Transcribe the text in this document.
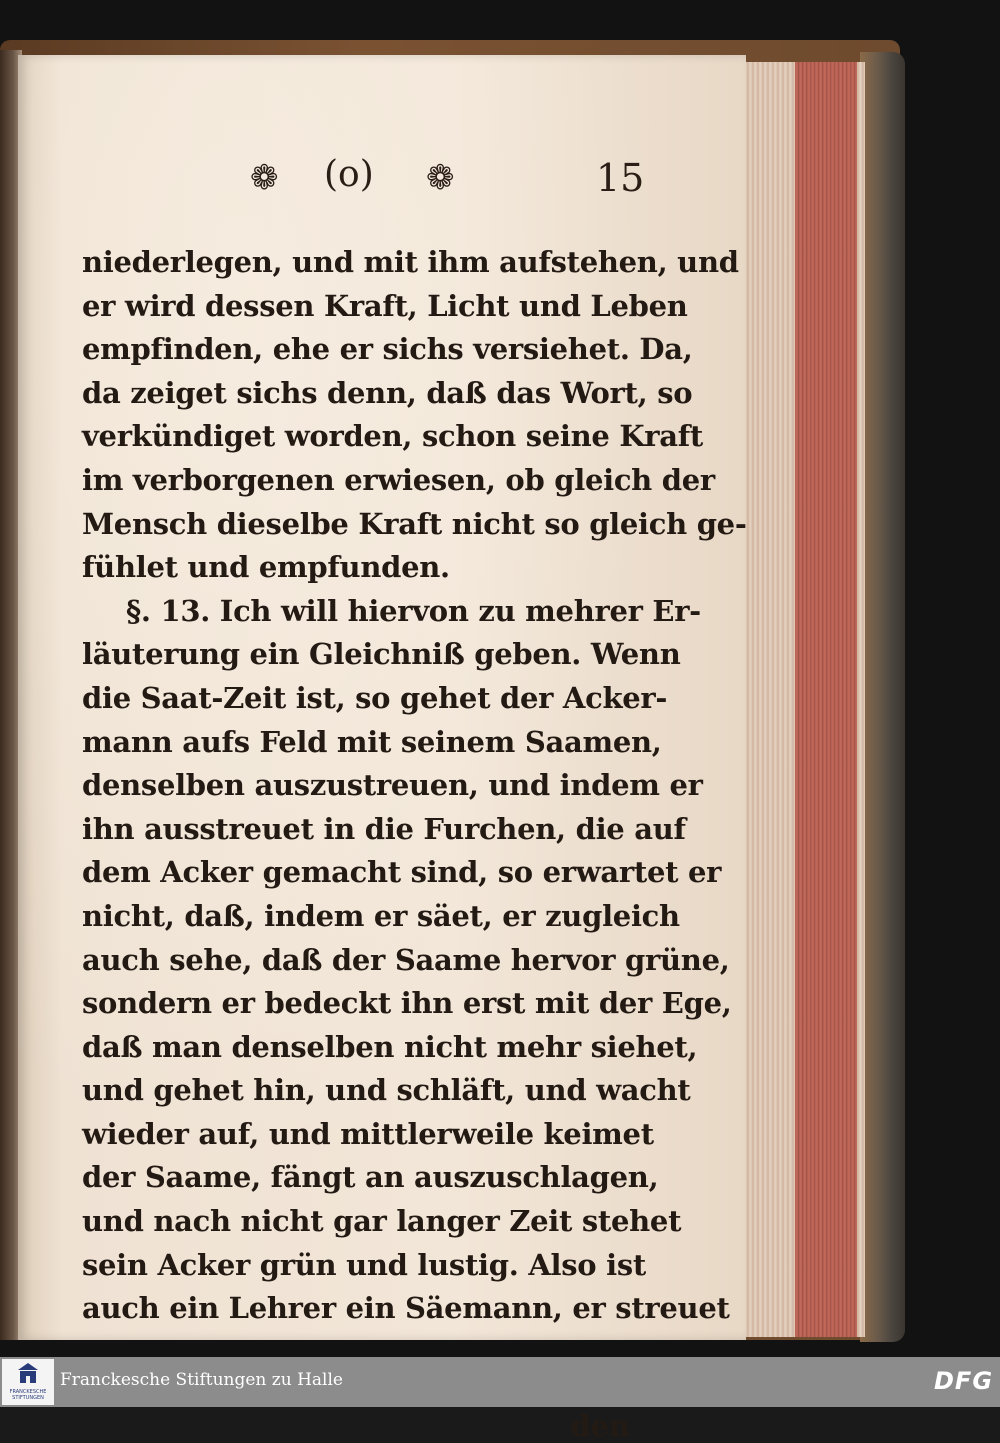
❁ (o) ❁	15
niederlegen, und mit ihm aufstehen, und
er wird dessen Kraft, Licht und Leben
empfinden, ehe er sichs versiehet. Da,
da zeiget sichs denn, daß das Wort, so
verkündiget worden, schon seine Kraft
im verborgenen erwiesen, ob gleich der
Mensch dieselbe Kraft nicht so gleich ge-
fühlet und empfunden.
§. 13. Ich will hiervon zu mehrer Er-
läuterung ein Gleichniß geben. Wenn
die Saat-Zeit ist, so gehet der Acker-
mann aufs Feld mit seinem Saamen,
denselben auszustreuen, und indem er
ihn ausstreuet in die Furchen, die auf
dem Acker gemacht sind, so erwartet er
nicht, daß, indem er säet, er zugleich
auch sehe, daß der Saame hervor grüne,
sondern er bedeckt ihn erst mit der Ege,
daß man denselben nicht mehr siehet,
und gehet hin, und schläft, und wacht
wieder auf, und mittlerweile keimet
der Saame, fängt an auszuschlagen,
und nach nicht gar langer Zeit stehet
sein Acker grün und lustig. Also ist
auch ein Lehrer ein Säemann, er streuet
den
FRANCKESCHE STIFTUNGEN
Franckesche Stiftungen zu Halle	DFG
